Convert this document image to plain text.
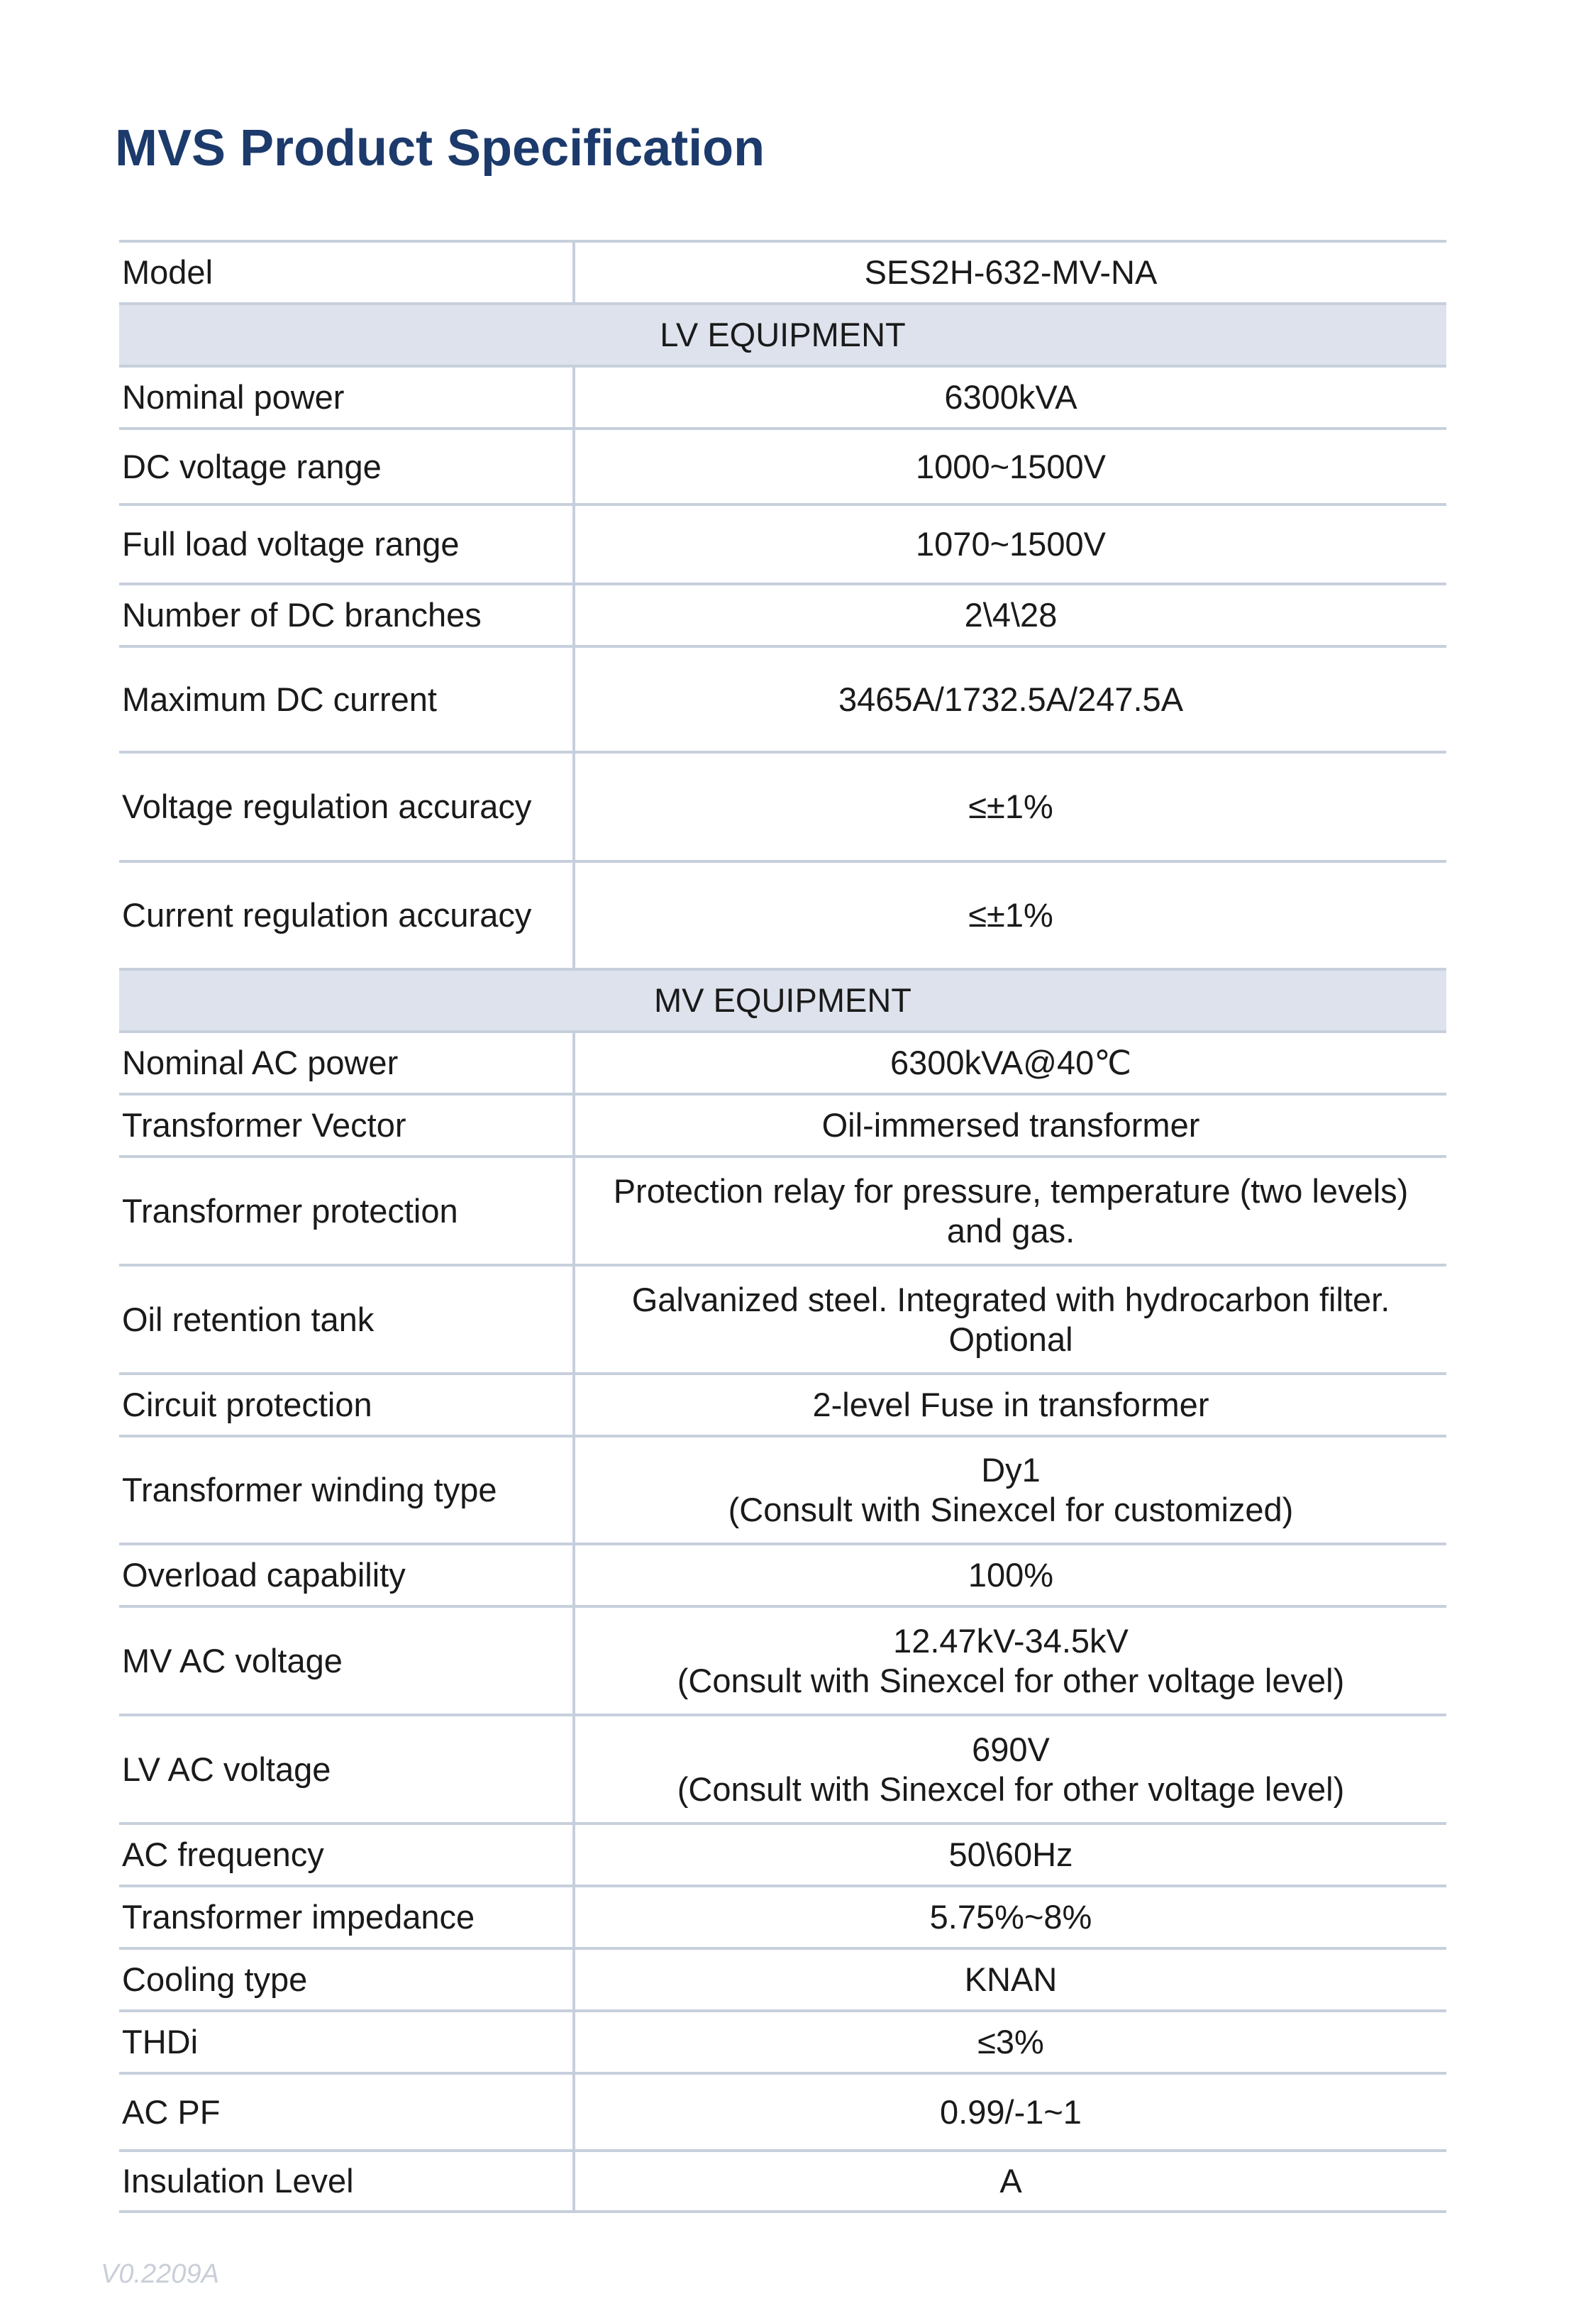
MVS Product Specification
Model	SES2H-632-MV-NA
LV EQUIPMENT	
Nominal power	6300kVA
DC voltage range	1000~1500V
Full load voltage range	1070~1500V
Number of DC branches	2\4\28
Maximum DC current	3465A/1732.5A/247.5A
Voltage regulation accuracy	≤±1%
Current regulation accuracy	≤±1%
MV EQUIPMENT	
Nominal AC power	6300kVA@40℃
Transformer Vector	Oil-immersed transformer
Transformer protection	Protection relay for pressure, temperature (two levels) and gas.
Oil retention tank	Galvanized steel. Integrated with hydrocarbon filter. Optional
Circuit protection	2-level Fuse in transformer
Transformer winding type	Dy1
(Consult with Sinexcel for customized)
Overload capability	100%
MV AC voltage	12.47kV-34.5kV
(Consult with Sinexcel for other voltage level)
LV AC voltage	690V
(Consult with Sinexcel for other voltage level)
AC frequency	50\60Hz
Transformer impedance	5.75%~8%
Cooling type	KNAN
THDi	≤3%
AC PF	0.99/-1~1
Insulation Level	A
V0.2209A
